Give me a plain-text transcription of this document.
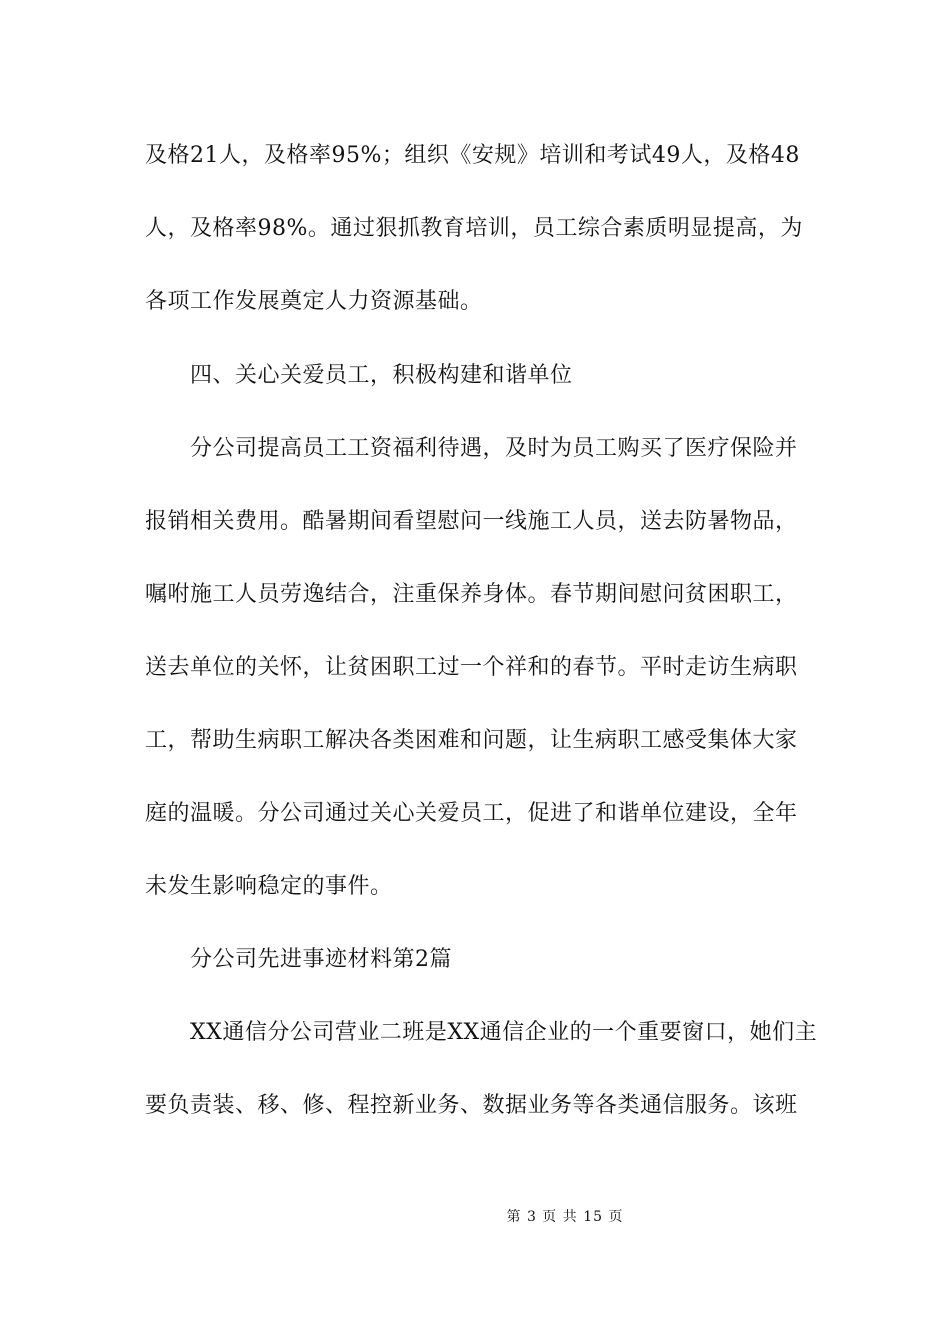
及格21人，及格率95%；组织《安规》培训和考试49人，及格48
人，及格率98%。通过狠抓教育培训，员工综合素质明显提高，为
各项工作发展奠定人力资源基础。
四、关心关爱员工，积极构建和谐单位
分公司提高员工工资福利待遇，及时为员工购买了医疗保险并
报销相关费用。酷暑期间看望慰问一线施工人员，送去防暑物品，
嘱咐施工人员劳逸结合，注重保养身体。春节期间慰问贫困职工，
送去单位的关怀，让贫困职工过一个祥和的春节。平时走访生病职
工，帮助生病职工解决各类困难和问题，让生病职工感受集体大家
庭的温暖。分公司通过关心关爱员工，促进了和谐单位建设，全年
未发生影响稳定的事件。
分公司先进事迹材料第2篇
XX通信分公司营业二班是XX通信企业的一个重要窗口，她们主
要负责装、移、修、程控新业务、数据业务等各类通信服务。该班
第 3 页 共 15 页
